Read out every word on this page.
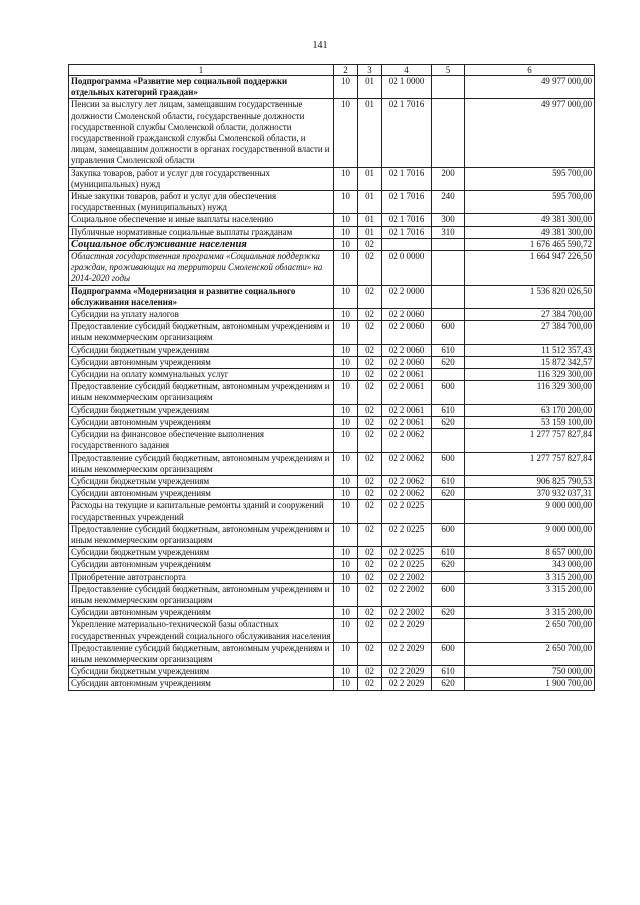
141
1	2	3	4	5	6
Подпрограмма «Развитие мер социальной поддержки отдельных категорий граждан»	10	01	02 1 0000		49 977 000,00
Пенсии за выслугу лет лицам, замещавшим государственные должности Смоленской области, государственные должности государственной службы Смоленской области, должности государственной гражданской службы Смоленской области, и лицам, замещавшим должности в органах государственной власти и управления Смоленской области	10	01	02 1 7016		49 977 000,00
Закупка товаров, работ и услуг для государственных (муниципальных) нужд	10	01	02 1 7016	200	595 700,00
Иные закупки товаров, работ и услуг для обеспечения государственных (муниципальных) нужд	10	01	02 1 7016	240	595 700,00
Социальное обеспечение и иные выплаты населению	10	01	02 1 7016	300	49 381 300,00
Публичные нормативные социальные выплаты гражданам	10	01	02 1 7016	310	49 381 300,00
Социальное обслуживание населения	10	02			1 676 465 590,72
Областная государственная программа «Социальная поддержка граждан, проживающих на территории Смоленской области» на 2014-2020 годы	10	02	02 0 0000		1 664 947 226,50
Подпрограмма «Модернизация и развитие социального обслуживания населения»	10	02	02 2 0000		1 536 820 026,50
Субсидии на уплату налогов	10	02	02 2 0060		27 384 700,00
Предоставление субсидий бюджетным, автономным учреждениям и иным некоммерческим организациям	10	02	02 2 0060	600	27 384 700,00
Субсидии бюджетным учреждениям	10	02	02 2 0060	610	11 512 357,43
Субсидии автономным учреждениям	10	02	02 2 0060	620	15 872 342,57
Субсидии на оплату коммунальных услуг	10	02	02 2 0061		116 329 300,00
Предоставление субсидий бюджетным, автономным учреждениям и иным некоммерческим организациям	10	02	02 2 0061	600	116 329 300,00
Субсидии бюджетным учреждениям	10	02	02 2 0061	610	63 170 200,00
Субсидии автономным учреждениям	10	02	02 2 0061	620	53 159 100,00
Субсидии на финансовое обеспечение выполнения государственного задания	10	02	02 2 0062		1 277 757 827,84
Предоставление субсидий бюджетным, автономным учреждениям и иным некоммерческим организациям	10	02	02 2 0062	600	1 277 757 827,84
Субсидии бюджетным учреждениям	10	02	02 2 0062	610	906 825 790,53
Субсидии автономным учреждениям	10	02	02 2 0062	620	370 932 037,31
Расходы на текущие и капитальные ремонты зданий и сооружений государственных учреждений	10	02	02 2 0225		9 000 000,00
Предоставление субсидий бюджетным, автономным учреждениям и иным некоммерческим организациям	10	02	02 2 0225	600	9 000 000,00
Субсидии бюджетным учреждениям	10	02	02 2 0225	610	8 657 000,00
Субсидии автономным учреждениям	10	02	02 2 0225	620	343 000,00
Приобретение автотранспорта	10	02	02 2 2002		3 315 200,00
Предоставление субсидий бюджетным, автономным учреждениям и иным некоммерческим организациям	10	02	02 2 2002	600	3 315 200,00
Субсидии автономным учреждениям	10	02	02 2 2002	620	3 315 200,00
Укрепление материально-технической базы областных государственных учреждений социального обслуживания населения	10	02	02 2 2029		2 650 700,00
Предоставление субсидий бюджетным, автономным учреждениям и иным некоммерческим организациям	10	02	02 2 2029	600	2 650 700,00
Субсидии бюджетным учреждениям	10	02	02 2 2029	610	750 000,00
Субсидии автономным учреждениям	10	02	02 2 2029	620	1 900 700,00
